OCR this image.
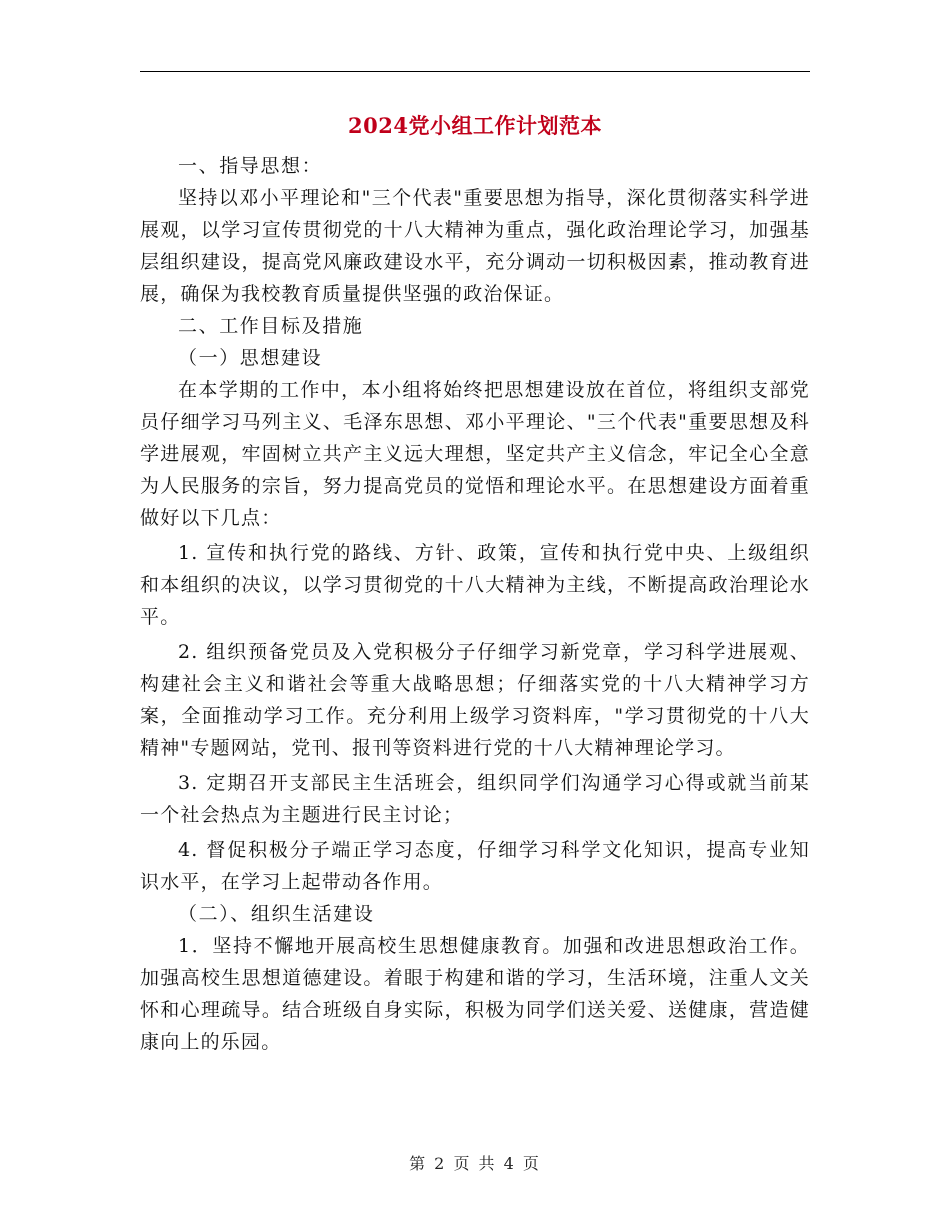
2024党小组工作计划范本

一、指导思想：

坚持以邓小平理论和"三个代表"重要思想为指导，深化贯彻落实科学进展观，以学习宣传贯彻党的十八大精神为重点，强化政治理论学习，加强基层组织建设，提高党风廉政建设水平，充分调动一切积极因素，推动教育进展，确保为我校教育质量提供坚强的政治保证。

二、工作目标及措施

（一）思想建设

在本学期的工作中，本小组将始终把思想建设放在首位，将组织支部党员仔细学习马列主义、毛泽东思想、邓小平理论、"三个代表"重要思想及科学进展观，牢固树立共产主义远大理想，坚定共产主义信念，牢记全心全意为人民服务的宗旨，努力提高党员的觉悟和理论水平。在思想建设方面着重做好以下几点：

1. 宣传和执行党的路线、方针、政策，宣传和执行党中央、上级组织和本组织的决议，以学习贯彻党的十八大精神为主线，不断提高政治理论水平。

2. 组织预备党员及入党积极分子仔细学习新党章，学习科学进展观、构建社会主义和谐社会等重大战略思想；仔细落实党的十八大精神学习方案，全面推动学习工作。充分利用上级学习资料库，"学习贯彻党的十八大精神"专题网站，党刊、报刊等资料进行党的十八大精神理论学习。

3. 定期召开支部民主生活班会，组织同学们沟通学习心得或就当前某一个社会热点为主题进行民主讨论；

4. 督促积极分子端正学习态度，仔细学习科学文化知识，提高专业知识水平，在学习上起带动各作用。

（二）、组织生活建设

1．坚持不懈地开展高校生思想健康教育。加强和改进思想政治工作。加强高校生思想道德建设。着眼于构建和谐的学习，生活环境，注重人文关怀和心理疏导。结合班级自身实际，积极为同学们送关爱、送健康，营造健康向上的乐园。

第 2 页 共 4 页
